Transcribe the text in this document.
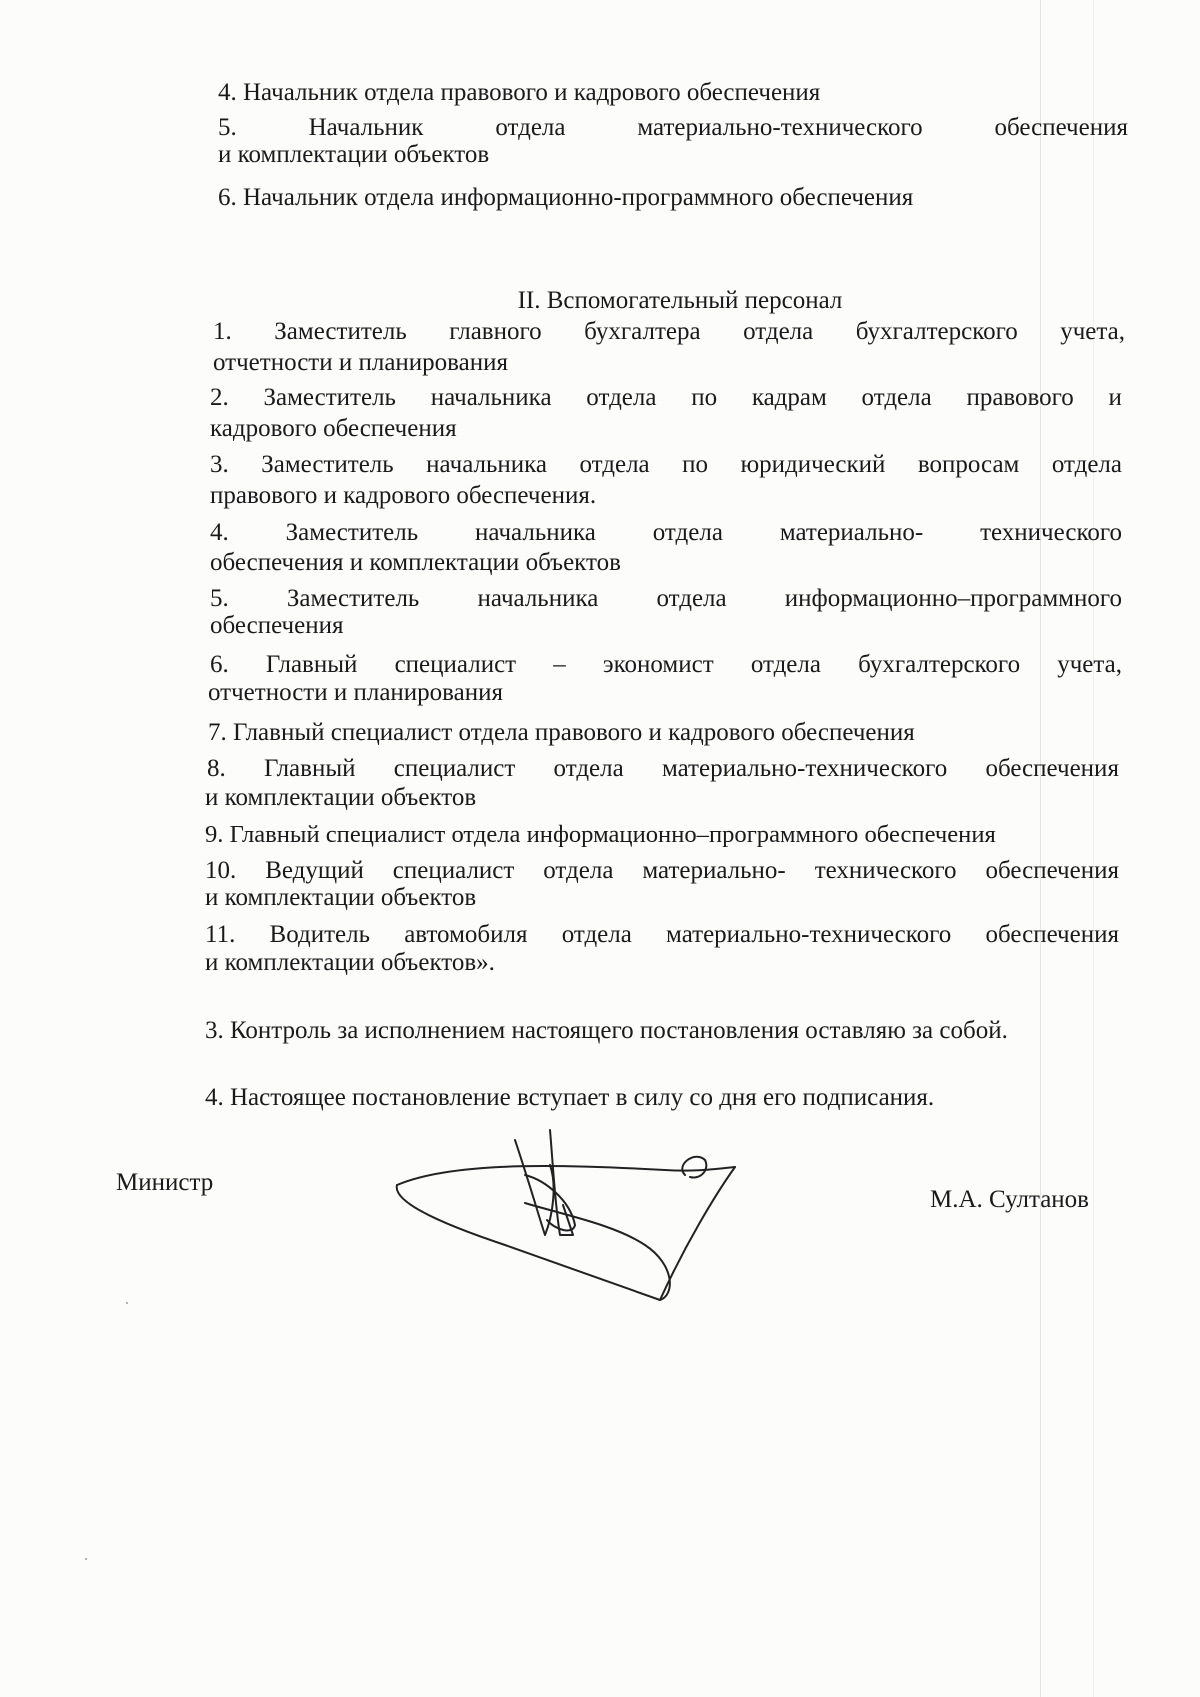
4. Начальник отдела правового и кадрового обеспечения
5.	Начальник	отдела	материально-технического	обеспечения
и комплектации объектов
6. Начальник отдела информационно-программного обеспечения
II. Вспомогательный персонал
1. Заместитель главного бухгалтера отдела бухгалтерского учета,
отчетности и планирования
2. Заместитель начальника отдела по кадрам отдела правового и
кадрового обеспечения
3. Заместитель начальника отдела по юридический вопросам отдела
правового и кадрового обеспечения.
4. Заместитель начальника отдела материально- технического
обеспечения и комплектации объектов
5. Заместитель начальника отдела информационно–программного
обеспечения
6. Главный специалист – экономист отдела бухгалтерского учета,
отчетности и планирования
7. Главный специалист отдела правового и кадрового обеспечения
8. Главный специалист отдела материально-технического обеспечения
и комплектации объектов
9. Главный специалист отдела информационно–программного обеспечения
10. Ведущий специалист отдела материально- технического обеспечения
и комплектации объектов
11. Водитель автомобиля отдела материально-технического обеспечения
и комплектации объектов».
3. Контроль за исполнением настоящего постановления оставляю за собой.
4. Настоящее постановление вступает в силу со дня его подписания.
Министр
М.А. Султанов
